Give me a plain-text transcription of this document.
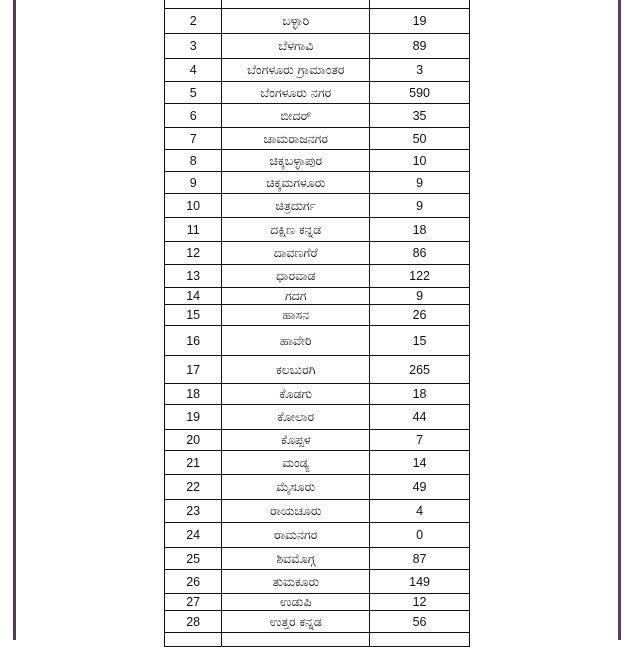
2	ಬಳ್ಳಾರಿ	19
3	ಬೆಳಗಾವಿ	89
4	ಬೆಂಗಳೂರು ಗ್ರಾಮಾಂತರ	3
5	ಬೆಂಗಳೂರು ನಗರ	590
6	ಬೀದರ್	35
7	ಚಾಮರಾಜನಗರ	50
8	ಚಿಕ್ಕಬಳ್ಳಾಪುರ	10
9	ಚಿಕ್ಕಮಗಳೂರು	9
10	ಚಿತ್ರದುರ್ಗ	9
11	ದಕ್ಷಿಣ ಕನ್ನಡ	18
12	ದಾವಣಗೆರೆ	86
13	ಧಾರವಾಡ	122
14	ಗದಗ	9
15	ಹಾಸನ	26
16	ಹಾವೇರಿ	15
17	ಕಲಬುರಗಿ	265
18	ಕೊಡಗು	18
19	ಕೋಲಾರ	44
20	ಕೊಪ್ಪಳ	7
21	ಮಂಡ್ಯ	14
22	ಮೈಸೂರು	49
23	ರಾಯಚೂರು	4
24	ರಾಮನಗರ	0
25	ಶಿವಮೊಗ್ಗ	87
26	ತುಮಕೂರು	149
27	ಉಡುಪಿ	12
28	ಉತ್ತರ ಕನ್ನಡ	56
